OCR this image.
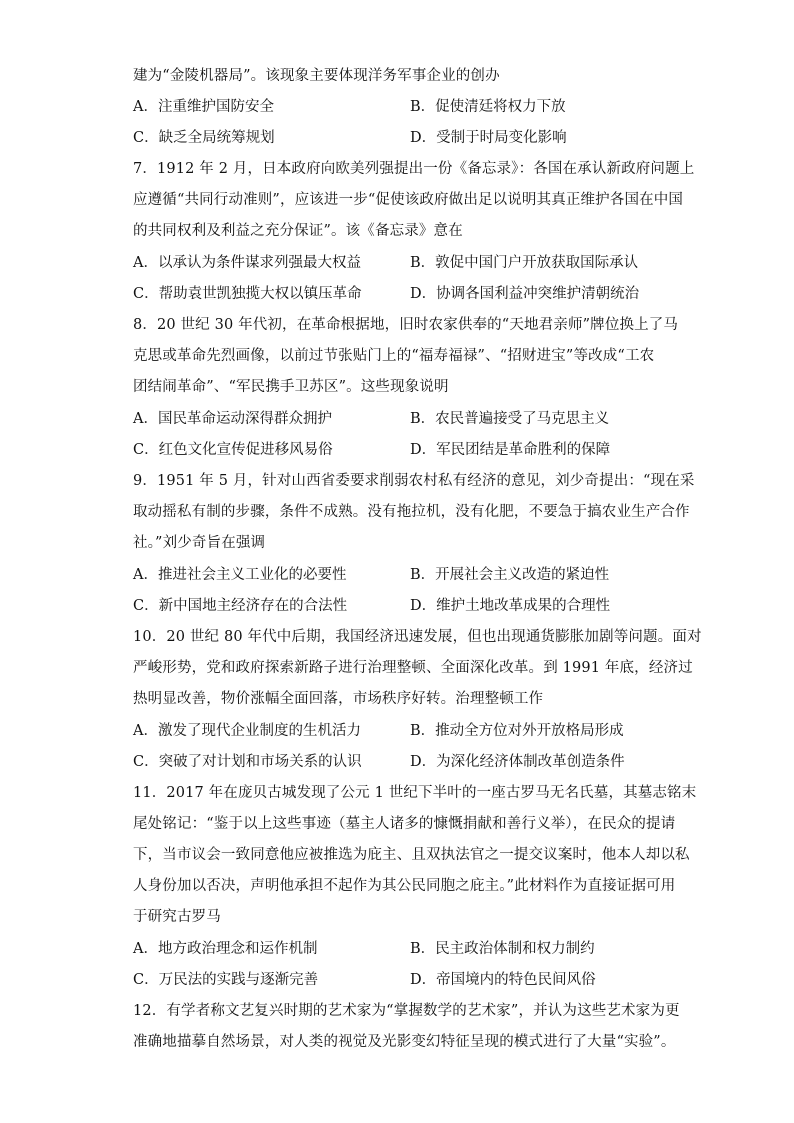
建为“金陵机器局”。该现象主要体现洋务军事企业的创办
A．注重维护国防安全	B．促使清廷将权力下放
C．缺乏全局统筹规划	D．受制于时局变化影响
7．1912 年 2 月，日本政府向欧美列强提出一份《备忘录》：各国在承认新政府问题上
应遵循“共同行动准则”，应该进一步“促使该政府做出足以说明其真正维护各国在中国
的共同权利及利益之充分保证”。该《备忘录》意在
A．以承认为条件谋求列强最大权益	B．敦促中国门户开放获取国际承认
C．帮助袁世凯独揽大权以镇压革命	D．协调各国利益冲突维护清朝统治
8．20 世纪 30 年代初，在革命根据地，旧时农家供奉的“天地君亲师”牌位换上了马
克思或革命先烈画像，以前过节张贴门上的“福寿福禄”、“招财进宝”等改成“工农
团结闹革命”、“军民携手卫苏区”。这些现象说明
A．国民革命运动深得群众拥护	B．农民普遍接受了马克思主义
C．红色文化宣传促进移风易俗	D．军民团结是革命胜利的保障
9．1951 年 5 月，针对山西省委要求削弱农村私有经济的意见，刘少奇提出：“现在采
取动摇私有制的步骤，条件不成熟。没有拖拉机，没有化肥，不要急于搞农业生产合作
社。”刘少奇旨在强调
A．推进社会主义工业化的必要性	B．开展社会主义改造的紧迫性
C．新中国地主经济存在的合法性	D．维护土地改革成果的合理性
10．20 世纪 80 年代中后期，我国经济迅速发展，但也出现通货膨胀加剧等问题。面对
严峻形势，党和政府探索新路子进行治理整顿、全面深化改革。到 1991 年底，经济过
热明显改善，物价涨幅全面回落，市场秩序好转。治理整顿工作
A．激发了现代企业制度的生机活力	B．推动全方位对外开放格局形成
C．突破了对计划和市场关系的认识	D．为深化经济体制改革创造条件
11．2017 年在庞贝古城发现了公元 1 世纪下半叶的一座古罗马无名氏墓，其墓志铭末
尾处铭记：“鉴于以上这些事迹（墓主人诸多的慷慨捐献和善行义举），在民众的提请
下，当市议会一致同意他应被推选为庇主、且双执法官之一提交议案时，他本人却以私
人身份加以否决，声明他承担不起作为其公民同胞之庇主。”此材料作为直接证据可用
于研究古罗马
A．地方政治理念和运作机制	B．民主政治体制和权力制约
C．万民法的实践与逐渐完善	D．帝国境内的特色民间风俗
12．有学者称文艺复兴时期的艺术家为“掌握数学的艺术家”，并认为这些艺术家为更
准确地描摹自然场景，对人类的视觉及光影变幻特征呈现的模式进行了大量“实验”。
